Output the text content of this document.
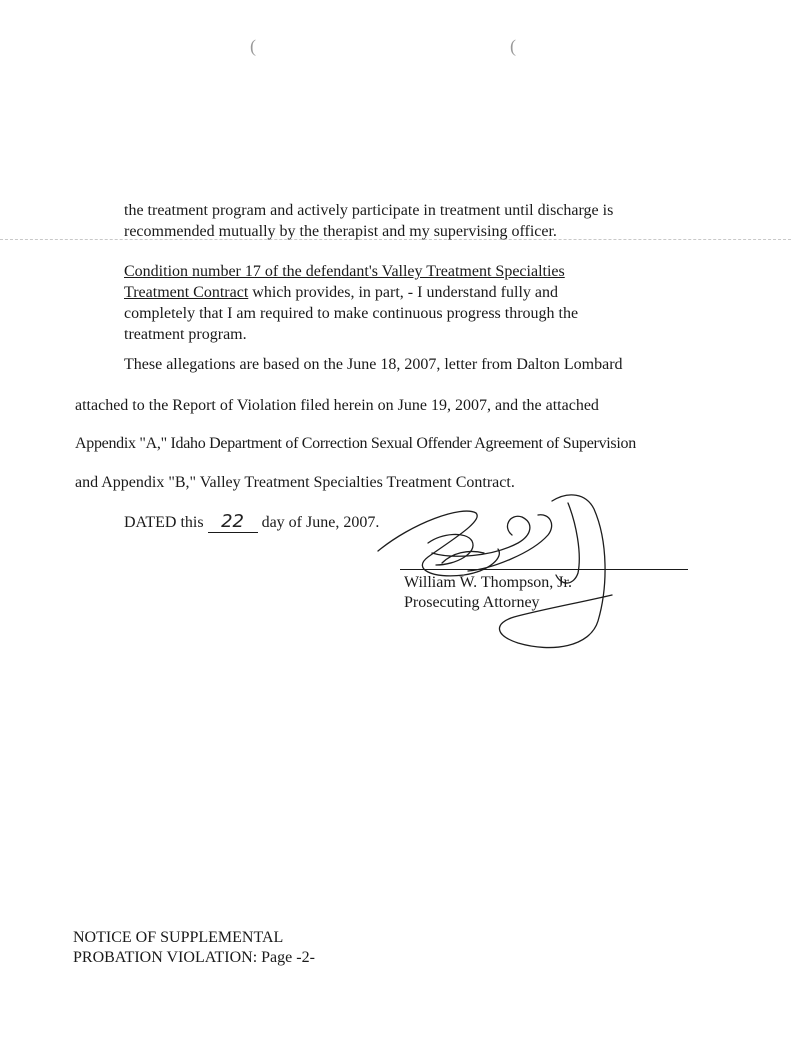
(	(
the treatment program and actively participate in treatment until discharge is
recommended mutually by the therapist and my supervising officer.
Condition number 17 of the defendant's Valley Treatment Specialties
Treatment Contract which provides, in part, - I understand fully and
completely that I am required to make continuous progress through the
treatment program.
These allegations are based on the June 18, 2007, letter from Dalton Lombard
attached to the Report of Violation filed herein on June 19, 2007, and the attached
Appendix "A," Idaho Department of Correction Sexual Offender Agreement of Supervision
and Appendix "B," Valley Treatment Specialties Treatment Contract.
DATED this 22 day of June, 2007.
William W. Thompson, Jr.
Prosecuting Attorney
NOTICE OF SUPPLEMENTAL
PROBATION VIOLATION: Page -2-
